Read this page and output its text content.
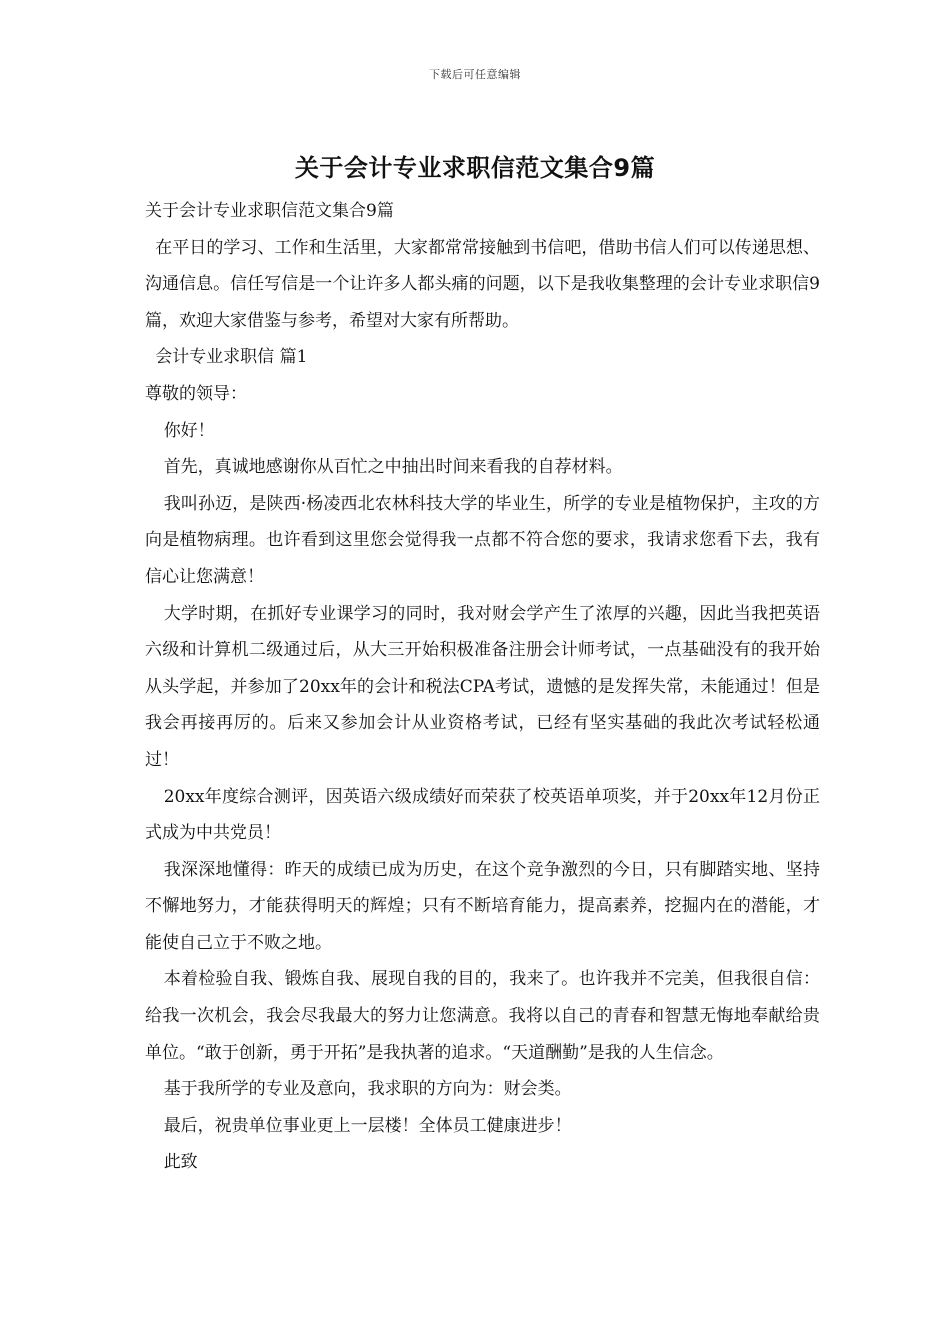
下载后可任意编辑
关于会计专业求职信范文集合9篇

关于会计专业求职信范文集合9篇

在平日的学习、工作和生活里，大家都常常接触到书信吧，借助书信人们可以传递思想、沟通信息。信任写信是一个让许多人都头痛的问题，以下是我收集整理的会计专业求职信9篇，欢迎大家借鉴与参考，希望对大家有所帮助。

会计专业求职信 篇1

尊敬的领导：

你好！

首先，真诚地感谢你从百忙之中抽出时间来看我的自荐材料。

我叫孙迈，是陕西·杨凌西北农林科技大学的毕业生，所学的专业是植物保护，主攻的方向是植物病理。也许看到这里您会觉得我一点都不符合您的要求，我请求您看下去，我有信心让您满意！

大学时期，在抓好专业课学习的同时，我对财会学产生了浓厚的兴趣，因此当我把英语六级和计算机二级通过后，从大三开始积极准备注册会计师考试，一点基础没有的我开始从头学起，并参加了20xx年的会计和税法CPA考试，遗憾的是发挥失常，未能通过！但是我会再接再厉的。后来又参加会计从业资格考试，已经有坚实基础的我此次考试轻松通过！

20xx年度综合测评，因英语六级成绩好而荣获了校英语单项奖，并于20xx年12月份正式成为中共党员！

我深深地懂得：昨天的成绩已成为历史，在这个竞争激烈的今日，只有脚踏实地、坚持不懈地努力，才能获得明天的辉煌；只有不断培育能力，提高素养，挖掘内在的潜能，才能使自己立于不败之地。

本着检验自我、锻炼自我、展现自我的目的，我来了。也许我并不完美，但我很自信：给我一次机会，我会尽我最大的努力让您满意。我将以自己的青春和智慧无悔地奉献给贵单位。“敢于创新，勇于开拓”是我执著的追求。“天道酬勤”是我的人生信念。

基于我所学的专业及意向，我求职的方向为：财会类。

最后，祝贵单位事业更上一层楼！全体员工健康进步！

此致
